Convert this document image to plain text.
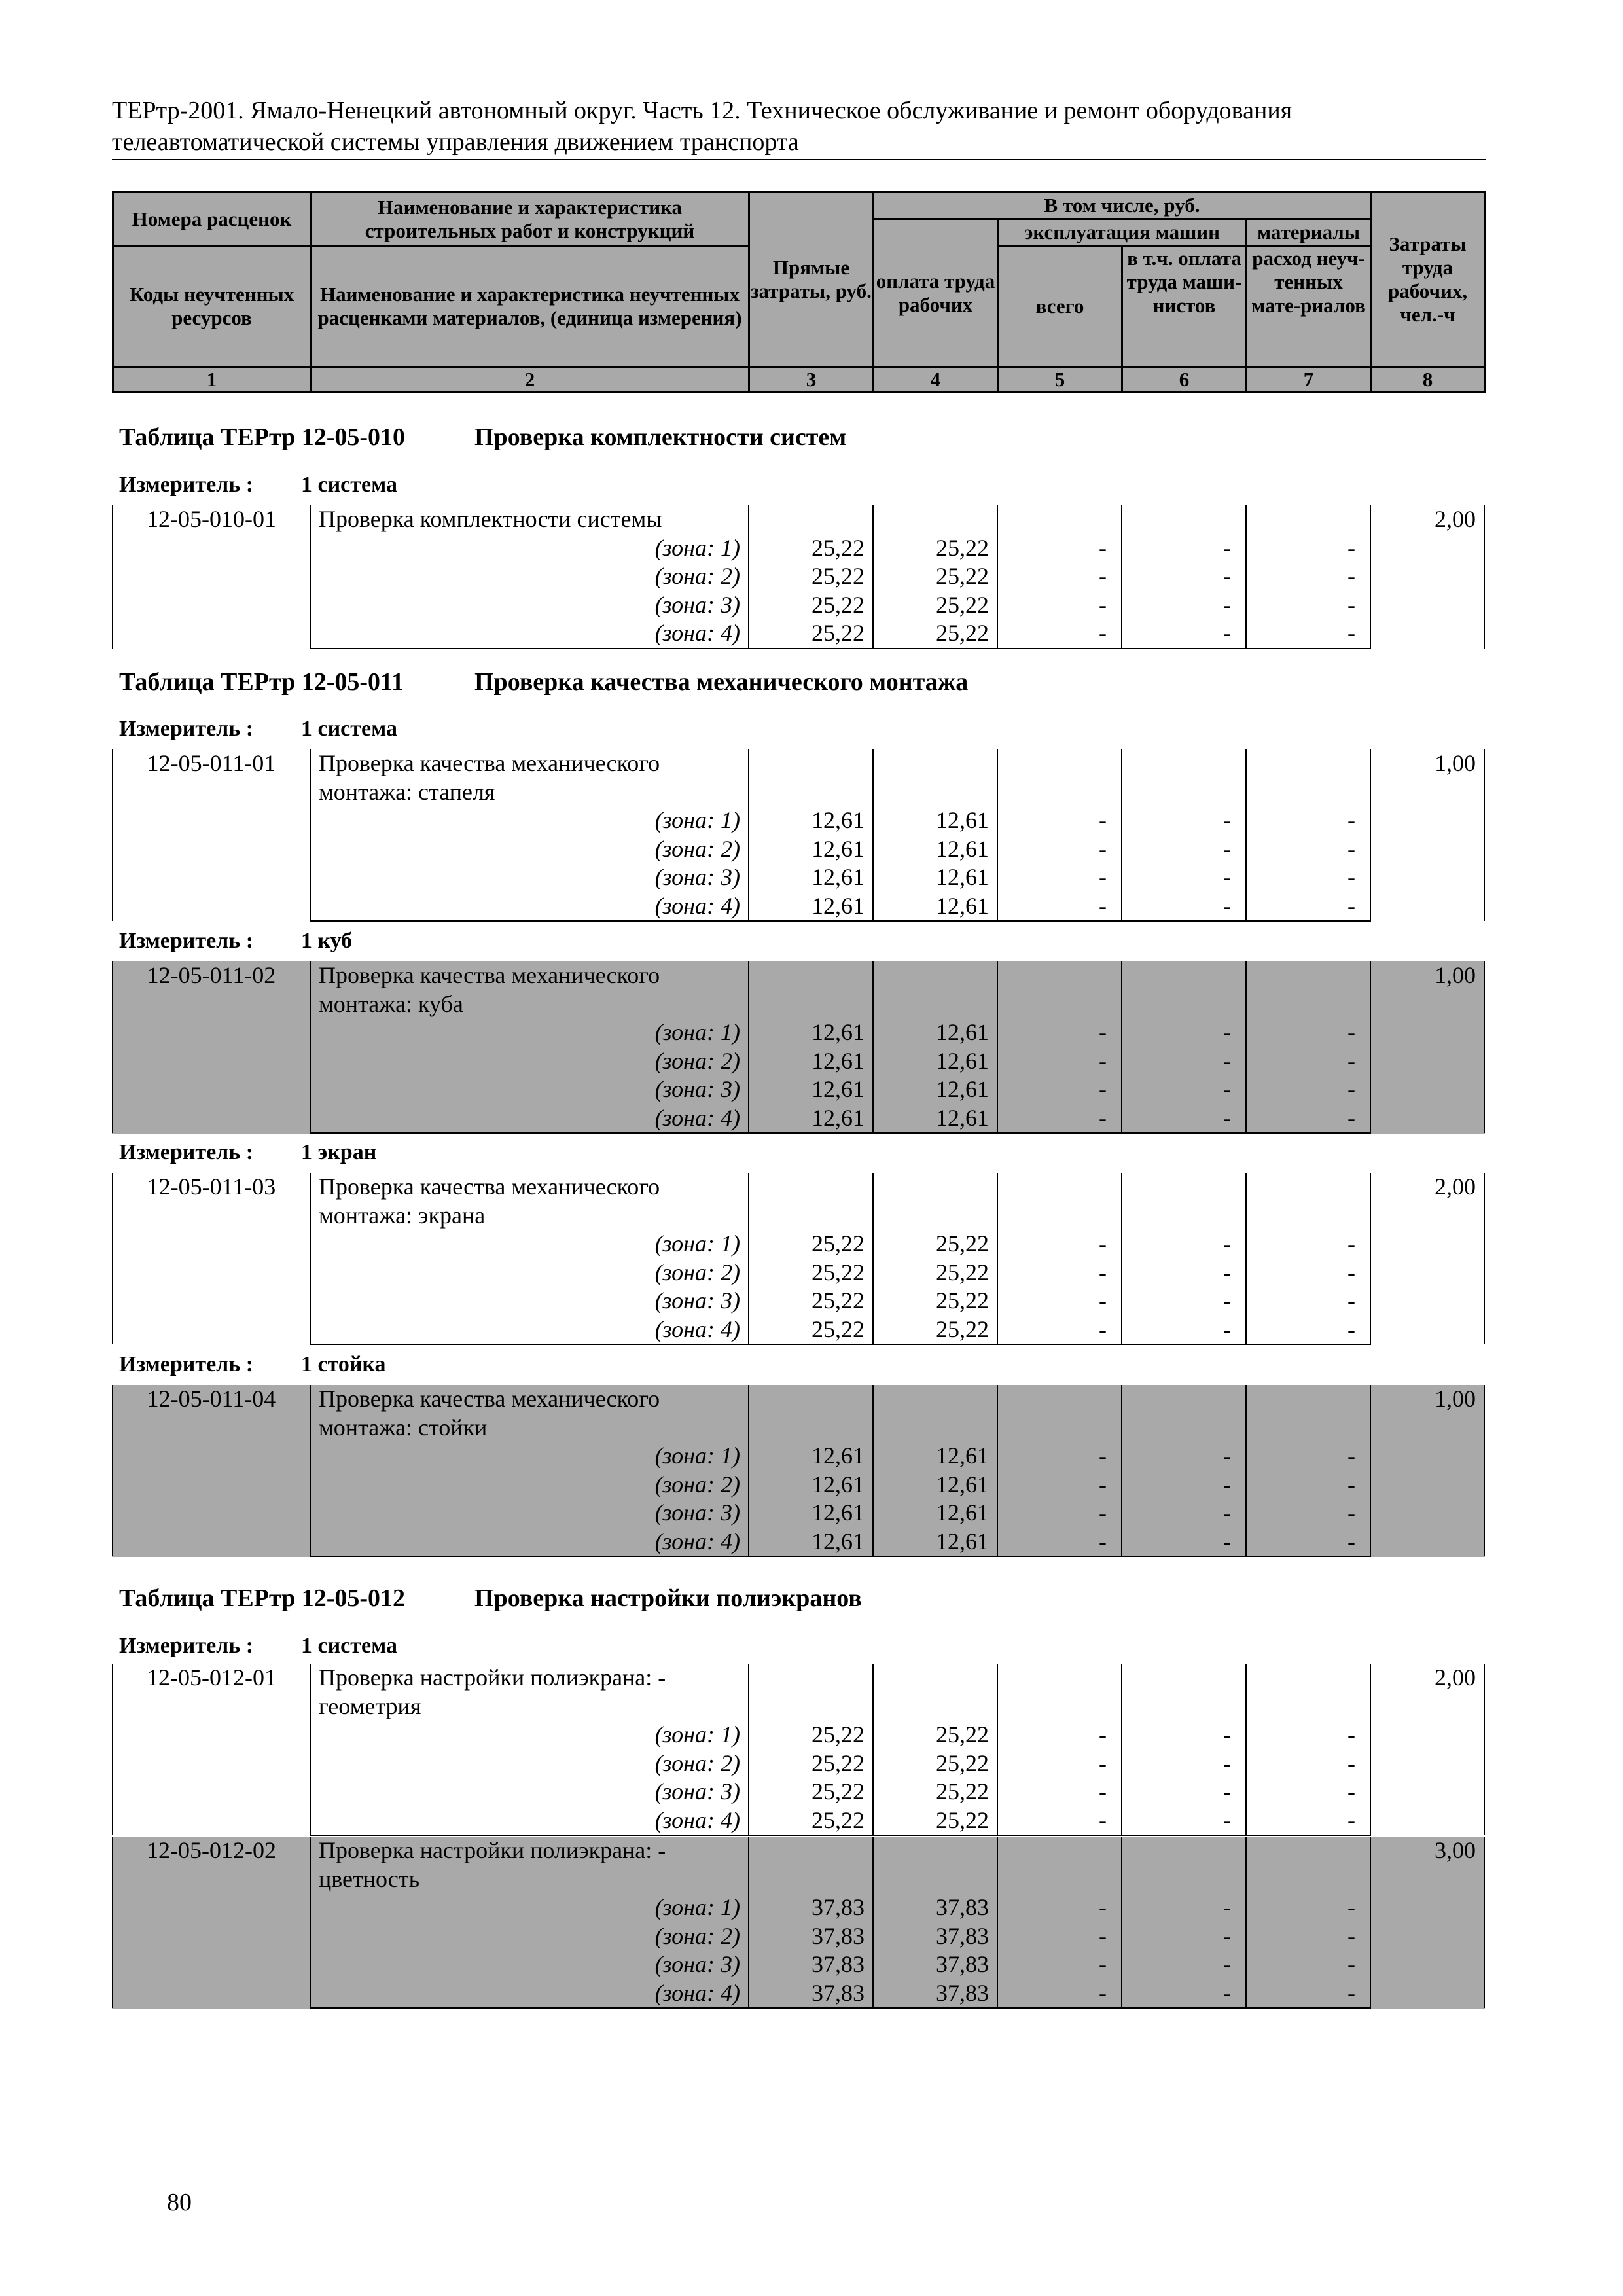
ТЕРтр-2001. Ямало-Ненецкий автономный округ. Часть 12. Техническое обслуживание и ремонт оборудования
телеавтоматической системы управления движением транспорта
Номера расценок	Наименование и характеристика строительных работ и конструкций	Прямые затраты, руб.	В том числе, руб.				Затраты труда рабочих, чел.-ч
			оплата труда рабочих	эксплуатация машин		материалы	
Коды неучтенных ресурсов	Наименование и характеристика неучтенных расценками материалов, (единица измерения)			всего	в т.ч. оплата труда маши-нистов	расход неуч-тенных мате-риалов	

1	2	3	4	5	6	7	8
Таблица ТЕРтр 12-05-010	Проверка комплектности систем
Измеритель : 1 система
12-05-010-01	Проверка комплектности системы						2,00
	(зона: 1)	25,22	25,22	-	-	-	
	(зона: 2)	25,22	25,22	-	-	-	
	(зона: 3)	25,22	25,22	-	-	-	
	(зона: 4)	25,22	25,22	-	-	-	
Таблица ТЕРтр 12-05-011	Проверка качества механического монтажа
Измеритель : 1 система
12-05-011-01	Проверка качества механического						1,00
	монтажа: стапеля						
	(зона: 1)	12,61	12,61	-	-	-	
	(зона: 2)	12,61	12,61	-	-	-	
	(зона: 3)	12,61	12,61	-	-	-	
	(зона: 4)	12,61	12,61	-	-	-	
Измеритель : 1 куб
12-05-011-02	Проверка качества механического						1,00
	монтажа: куба						
	(зона: 1)	12,61	12,61	-	-	-	
	(зона: 2)	12,61	12,61	-	-	-	
	(зона: 3)	12,61	12,61	-	-	-	
	(зона: 4)	12,61	12,61	-	-	-	
Измеритель : 1 экран
12-05-011-03	Проверка качества механического						2,00
	монтажа: экрана						
	(зона: 1)	25,22	25,22	-	-	-	
	(зона: 2)	25,22	25,22	-	-	-	
	(зона: 3)	25,22	25,22	-	-	-	
	(зона: 4)	25,22	25,22	-	-	-	
Измеритель : 1 стойка
12-05-011-04	Проверка качества механического						1,00
	монтажа: стойки						
	(зона: 1)	12,61	12,61	-	-	-	
	(зона: 2)	12,61	12,61	-	-	-	
	(зона: 3)	12,61	12,61	-	-	-	
	(зона: 4)	12,61	12,61	-	-	-	
Таблица ТЕРтр 12-05-012	Проверка настройки полиэкранов
Измеритель : 1 система
12-05-012-01	Проверка настройки полиэкрана: -						2,00
	геометрия						
	(зона: 1)	25,22	25,22	-	-	-	
	(зона: 2)	25,22	25,22	-	-	-	
	(зона: 3)	25,22	25,22	-	-	-	
	(зона: 4)	25,22	25,22	-	-	-	
12-05-012-02	Проверка настройки полиэкрана: -						3,00
	цветность						
	(зона: 1)	37,83	37,83	-	-	-	
	(зона: 2)	37,83	37,83	-	-	-	
	(зона: 3)	37,83	37,83	-	-	-	
	(зона: 4)	37,83	37,83	-	-	-	
80
